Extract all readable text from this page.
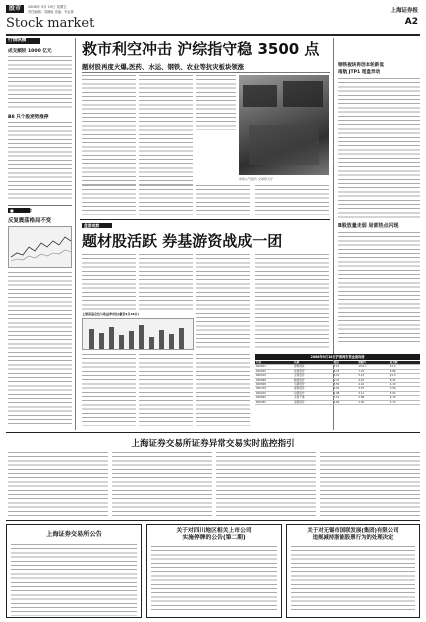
股市	2008年 9月 19日 星期五
责任编辑：刘静南 美编：韦孟林	上海证券报
Stock market	A2
行情纵横
成交额较 1000 亿元
B8 只个股逆势涨停
■ 多空博弈
反复震荡格局不变
救市利空冲击 沪综指守稳 3500 点
题材股再度火爆,医药、水运、钢铁、农业等抗灾板块领涨
市场人气回升 交易所大厅
钢铁板块再创本轮新低
南航 JTP1 尾盘异动
B股放量走弱 局部热点闪现
盘面观察
题材股活跃 券基游资战成一团
上周券基仓位与收益率对比(截至9月18日)
2008年9月18日沪深两市资金流向榜
代码	名称	收盘	涨幅%	成交额
600001	邯郸钢铁	5.12	10.01	12.4
600005	武钢股份	8.33	7.25	9.86
600019	宝钢股份	6.21	5.13	21.0
000898	鞍钢股份	9.47	4.81	8.32
600808	马钢股份	3.55	4.42	4.10
000709	唐钢股份	6.02	3.97	3.56
600010	包钢股份	2.98	3.11	5.02
000825	太钢不锈	7.15	2.88	6.74
600282	南钢股份	5.66	2.40	2.13
上海证券交易所证券异常交易实时监控指引
上海证券交易所公告	关于对四川地区相关上市公司
实施停牌的公告(第二期)
关于对无锡市国联发展(集团)有限公司
违规减持浙能股票行为的处理决定
